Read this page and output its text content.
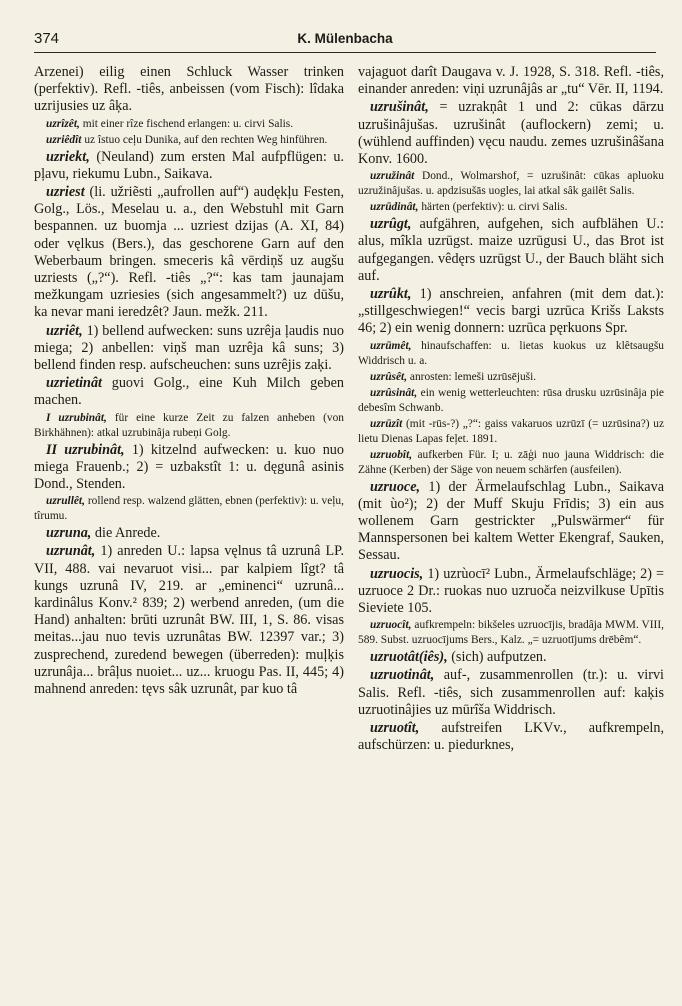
374	K. Mülenbacha

Arzenei) eilig einen Schluck Wasser trinken (perfektiv). Refl. -tiês, anbeissen (vom Fisch): lîdaka uzrijusies uz âķa.

uzrîzêt, mit einer rîze fischend erlangen: u. cirvi Salis.

uzriêdît uz îstuo ceļu Dunika, auf den rechten Weg hinführen.

uzriekt, (Neuland) zum ersten Mal aufpflügen: u. pļavu, riekumu Lubn., Saikava.

uzriest (li. užriẽsti „aufrollen auf“) audękļu Festen, Golg., Lös., Meselau u. a., den Webstuhl mit Garn bespannen. uz buomja ... uzriest dzijas (A. XI, 84) oder vęlkus (Bers.), das geschorene Garn auf den Weberbaum bringen. smeceris kâ vērdiņš uz augšu uzriests („?“). Refl. -tiês „?“: kas tam jaunajam mežkungam uzriesies (sich angesammelt?) uz dūšu, ka nevar mani ieredzêt? Jaun. mežk. 211.

uzriêt, 1) bellend aufwecken: suns uzrêja ļaudis nuo miega; 2) anbellen: viņš man uzrêja kâ suns; 3) bellend finden resp. aufscheuchen: suns uzrêjis zaķi.

uzrietinât guovi Golg., eine Kuh Milch geben machen.

I uzrubinât, für eine kurze Zeit zu falzen anheben (von Birkhähnen): atkal uzrubinâja rubeņi Golg.

II uzrubinât, 1) kitzelnd aufwecken: u. kuo nuo miega Frauenb.; 2) = uzbakstît 1: u. dęgunâ asinis Dond., Stenden.

uzrullêt, rollend resp. walzend glätten, ebnen (perfektiv): u. veļu, tîrumu.

uzruna, die Anrede.

uzrunât, 1) anreden U.: lapsa vęlnus tâ uzrunâ LP. VII, 488. vai nevaruot visi... par kalpiem lîgt? tâ kungs uzrunâ IV, 219. ar „eminenci“ uzrunâ... kardinâlus Konv.² 839; 2) werbend anreden, (um die Hand) anhalten: brūti uzrunât BW. III, 1, S. 86. visas meitas...jau nuo tevis uzrunâtas BW. 12397 var.; 3) zusprechend, zuredend bewegen (überreden): muļķis uzrunâja... brâļus nuoiet... uz... kruogu Pas. II, 445; 4) mahnend anreden: tęvs sâk uzrunât, par kuo tâ

vajaguot darît Daugava v. J. 1928, S. 318. Refl. -tiês, einander anreden: viņi uzrunâjâs ar „tu“ Vēr. II, 1194.

uzrušinât, = uzrakņât 1 und 2: cūkas dārzu uzrušinâjušas. uzrušinât (auflockern) zemi; u. (wühlend auffinden) vęcu naudu. zemes uzrušinâšana Konv. 1600.

uzružinât Dond., Wolmarshof, = uzrušinât: cūkas apluoku uzružinâjušas. u. apdzisušās uogles, lai atkal sâk gailêt Salis.

uzrūdinât, härten (perfektiv): u. cirvi Salis.

uzrûgt, aufgähren, aufgehen, sich aufblähen U.: alus, mîkla uzrūgst. maize uzrūgusi U., das Brot ist aufgegangen. vêdęrs uzrūgst U., der Bauch bläht sich auf.

uzrûkt, 1) anschreien, anfahren (mit dem dat.): „stillgeschwiegen!“ vecis bargi uzrūca Krišs Laksts 46; 2) ein wenig donnern: uzrūca pęrkuons Spr.

uzrūmêt, hinaufschaffen: u. lietas kuokus uz klêtsaugšu Widdrisch u. a.

uzrûsêt, anrosten: lemeši uzrūsējuši.

uzrûsinât, ein wenig wetterleuchten: rūsa drusku uzrūsinâja pie debesîm Schwanb.

uzrūzît (mit -rūs-?) „?“: gaiss vakaruos uzrūzī (= uzrūsina?) uz lietu Dienas Lapas feļet. 1891.

uzruobît, aufkerben Für. I; u. zāģi nuo jauna Widdrisch: die Zähne (Kerben) der Säge von neuem schärfen (ausfeilen).

uzruoce, 1) der Ärmelaufschlag Lubn., Saikava (mit ùo²); 2) der Muff Skuju Frīdis; 3) ein aus wollenem Garn gestrickter „Pulswärmer“ für Mannspersonen bei kaltem Wetter Ekengraf, Sauken, Sessau.

uzruocis, 1) uzrùocī² Lubn., Ärmelaufschläge; 2) = uzruoce 2 Dr.: ruokas nuo uzruoča neizvilkuse Upītis Sieviete 105.

uzruocît, aufkrempeln: bikšeles uzruocījis, bradâja MWM. VIII, 589. Subst. uzruocījums Bers., Kalz. „= uzruotījums drēbêm“.

uzruotât(iês), (sich) aufputzen.

uzruotinât, auf-, zusammenrollen (tr.): u. virvi Salis. Refl. -tiês, sich zusammenrollen auf: kaķis uzruotinâjies uz mūrîša Widdrisch.

uzruotît, aufstreifen LKVv., aufkrempeln, aufschürzen: u. piedurknes,
